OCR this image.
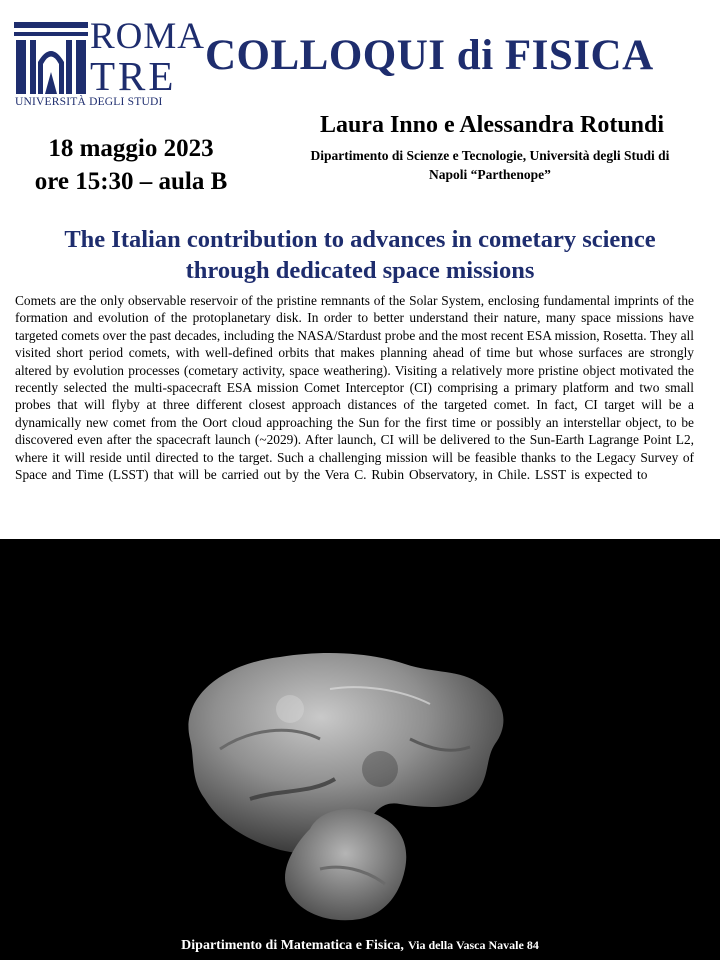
ROMA
TRE
UNIVERSITÀ DEGLI STUDI
COLLOQUI di FISICA
18 maggio 2023
ore 15:30 – aula B
Laura Inno e Alessandra Rotundi
Dipartimento di Scienze e Tecnologie, Università degli Studi di Napoli “Parthenope”
The Italian contribution to advances in cometary science through dedicated space missions

Comets are the only observable reservoir of the pristine remnants of the Solar System, enclosing fundamental imprints of the formation and evolution of the protoplanetary disk. In order to better understand their nature, many space missions have targeted comets over the past decades, including the NASA/Stardust probe and the most recent ESA mission, Rosetta. They all visited short period comets, with well-defined orbits that makes planning ahead of time but whose surfaces are strongly altered by evolution processes (cometary activity, space weathering). Visiting a relatively more pristine object motivated the recently selected the multi-spacecraft ESA mission Comet Interceptor (CI) comprising a primary platform and two small probes that will flyby at three different closest approach distances of the targeted comet. In fact, CI target will be a dynamically new comet from the Oort cloud approaching the Sun for the first time or possibly an interstellar object, to be discovered even after the spacecraft launch (~2029). After launch, CI will be delivered to the Sun-Earth Lagrange Point L2, where it will reside until directed to the target. Such a challenging mission will be feasible thanks to the Legacy Survey of Space and Time (LSST) that will be carried out by the Vera C. Rubin Observatory, in Chile. LSST is expected to identify thousands of new comets and several interstellar objects per year. In this talk, we will summarize the most relevant discoveries from space mission to Comets characterized by a remarkable Italian contribution: NASA/Stardust, ESA/Rosetta and ESA/Comet Interceptor, together with the ongoing work to prepare for its target identification within the LSST framework.

Dipartimento di Matematica e Fisica, Via della Vasca Navale 84
